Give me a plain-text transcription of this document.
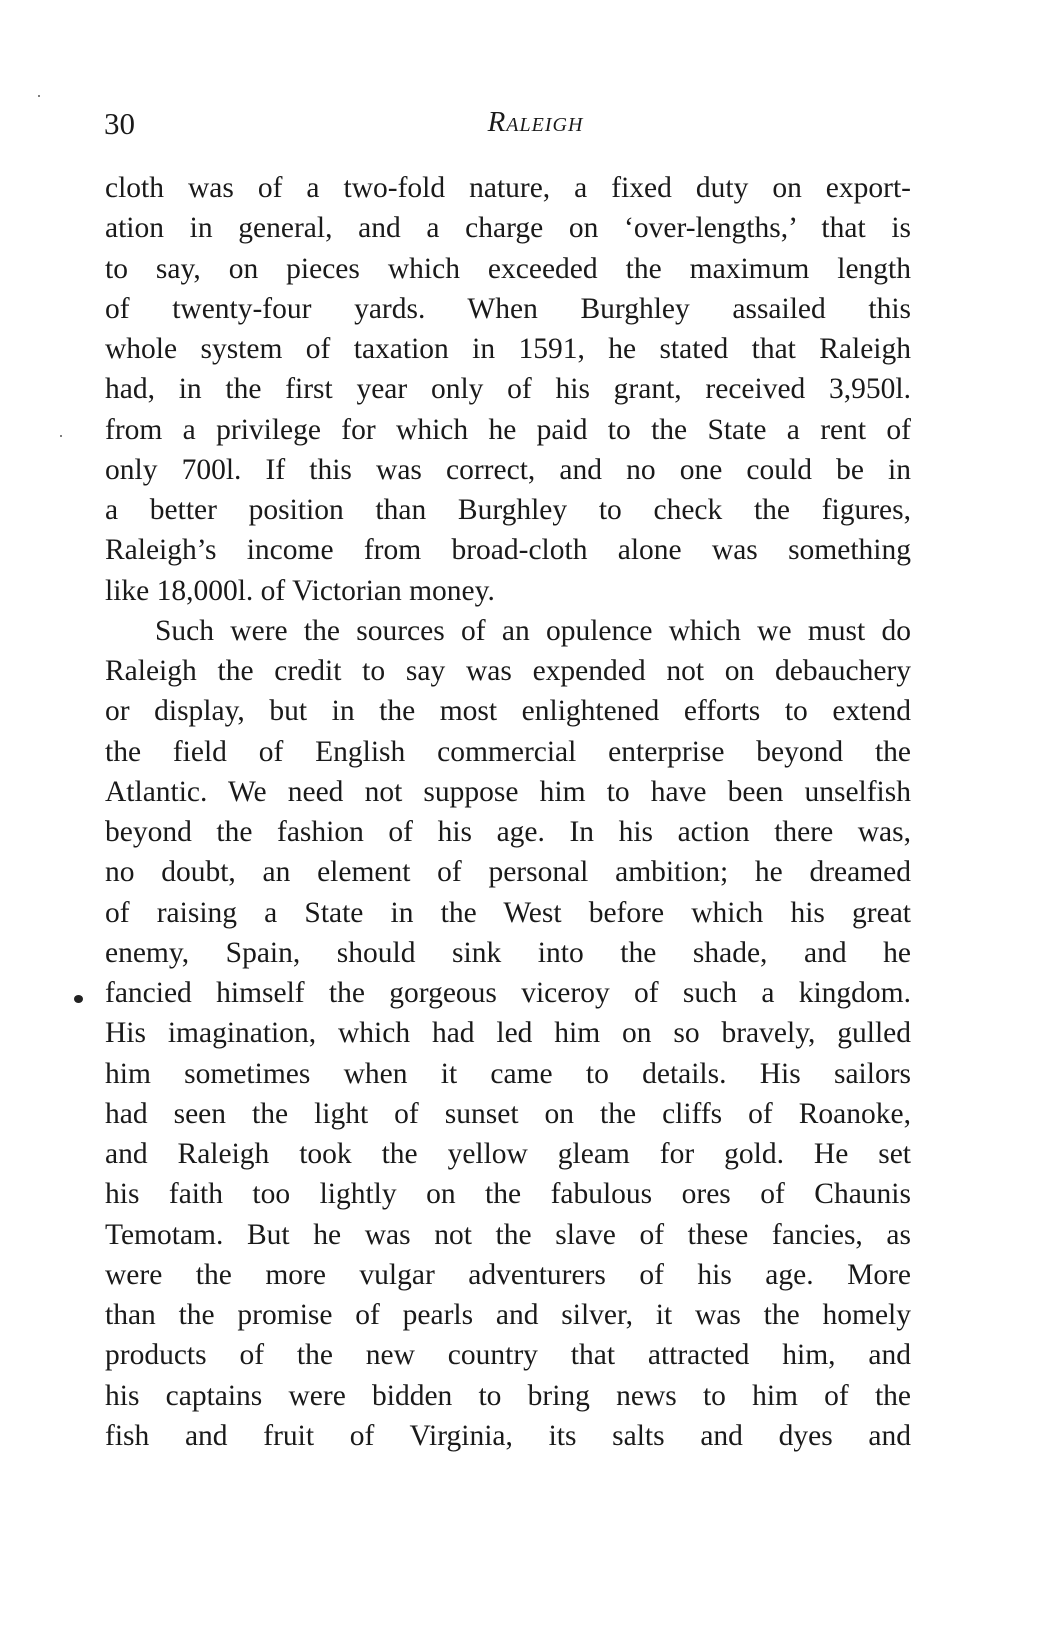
30	Raleigh
cloth was of a two-fold nature, a fixed duty on export-
ation in general, and a charge on ‘over-lengths,’ that is
to say, on pieces which exceeded the maximum length
of twenty-four yards. When Burghley assailed this
whole system of taxation in 1591, he stated that Raleigh
had, in the first year only of his grant, received 3,950l.
from a privilege for which he paid to the State a rent of
only 700l. If this was correct, and no one could be in
a better position than Burghley to check the figures,
Raleigh’s income from broad-cloth alone was something
like 18,000l. of Victorian money.
Such were the sources of an opulence which we must do
Raleigh the credit to say was expended not on debauchery
or display, but in the most enlightened efforts to extend
the field of English commercial enterprise beyond the
Atlantic. We need not suppose him to have been unselfish
beyond the fashion of his age. In his action there was,
no doubt, an element of personal ambition; he dreamed
of raising a State in the West before which his great
enemy, Spain, should sink into the shade, and he
fancied himself the gorgeous viceroy of such a kingdom.
His imagination, which had led him on so bravely, gulled
him sometimes when it came to details. His sailors
had seen the light of sunset on the cliffs of Roanoke,
and Raleigh took the yellow gleam for gold. He set
his faith too lightly on the fabulous ores of Chaunis
Temotam. But he was not the slave of these fancies, as
were the more vulgar adventurers of his age. More
than the promise of pearls and silver, it was the homely
products of the new country that attracted him, and
his captains were bidden to bring news to him of the
fish and fruit of Virginia, its salts and dyes and
